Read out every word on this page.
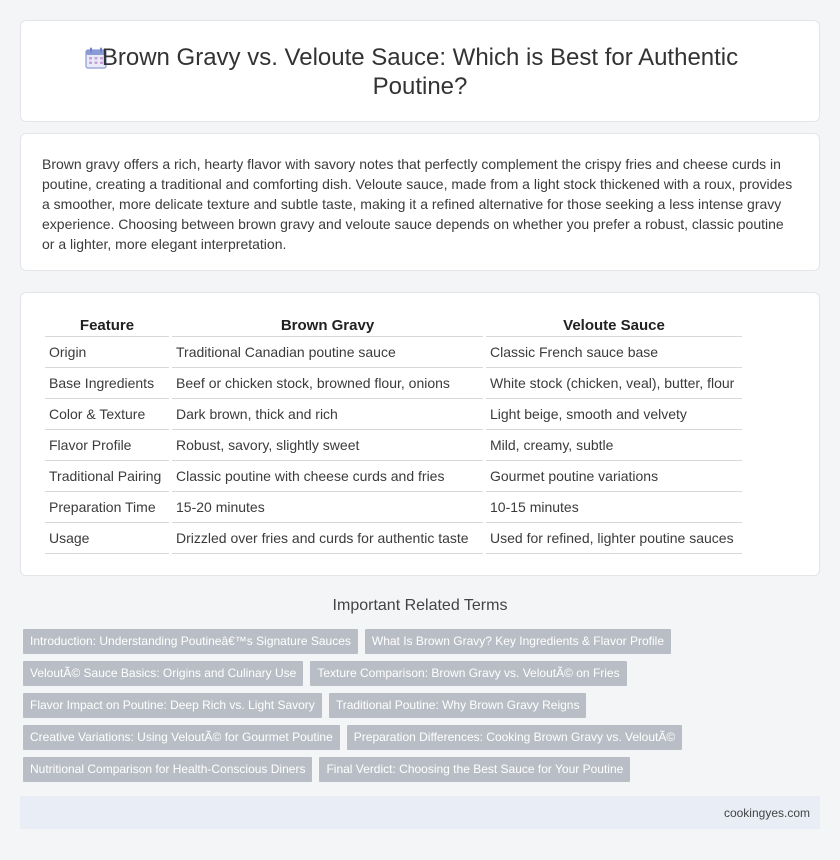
Brown Gravy vs. Veloute Sauce: Which is Best for Authentic Poutine?

Brown gravy offers a rich, hearty flavor with savory notes that perfectly complement the crispy fries and cheese curds in poutine, creating a traditional and comforting dish. Veloute sauce, made from a light stock thickened with a roux, provides a smoother, more delicate texture and subtle taste, making it a refined alternative for those seeking a less intense gravy experience. Choosing between brown gravy and veloute sauce depends on whether you prefer a robust, classic poutine or a lighter, more elegant interpretation.

Feature	Brown Gravy	Veloute Sauce
Origin	Traditional Canadian poutine sauce	Classic French sauce base
Base Ingredients	Beef or chicken stock, browned flour, onions	White stock (chicken, veal), butter, flour
Color & Texture	Dark brown, thick and rich	Light beige, smooth and velvety
Flavor Profile	Robust, savory, slightly sweet	Mild, creamy, subtle
Traditional Pairing	Classic poutine with cheese curds and fries	Gourmet poutine variations
Preparation Time	15-20 minutes	10-15 minutes
Usage	Drizzled over fries and curds for authentic taste	Used for refined, lighter poutine sauces
Important Related Terms
Introduction: Understanding Poutineâ€™s Signature Sauces	What Is Brown Gravy? Key Ingredients & Flavor Profile
VeloutÃ© Sauce Basics: Origins and Culinary Use	Texture Comparison: Brown Gravy vs. VeloutÃ© on Fries
Flavor Impact on Poutine: Deep Rich vs. Light Savory	Traditional Poutine: Why Brown Gravy Reigns
Creative Variations: Using VeloutÃ© for Gourmet Poutine	Preparation Differences: Cooking Brown Gravy vs. VeloutÃ©
Nutritional Comparison for Health-Conscious Diners	Final Verdict: Choosing the Best Sauce for Your Poutine
cookingyes.com
